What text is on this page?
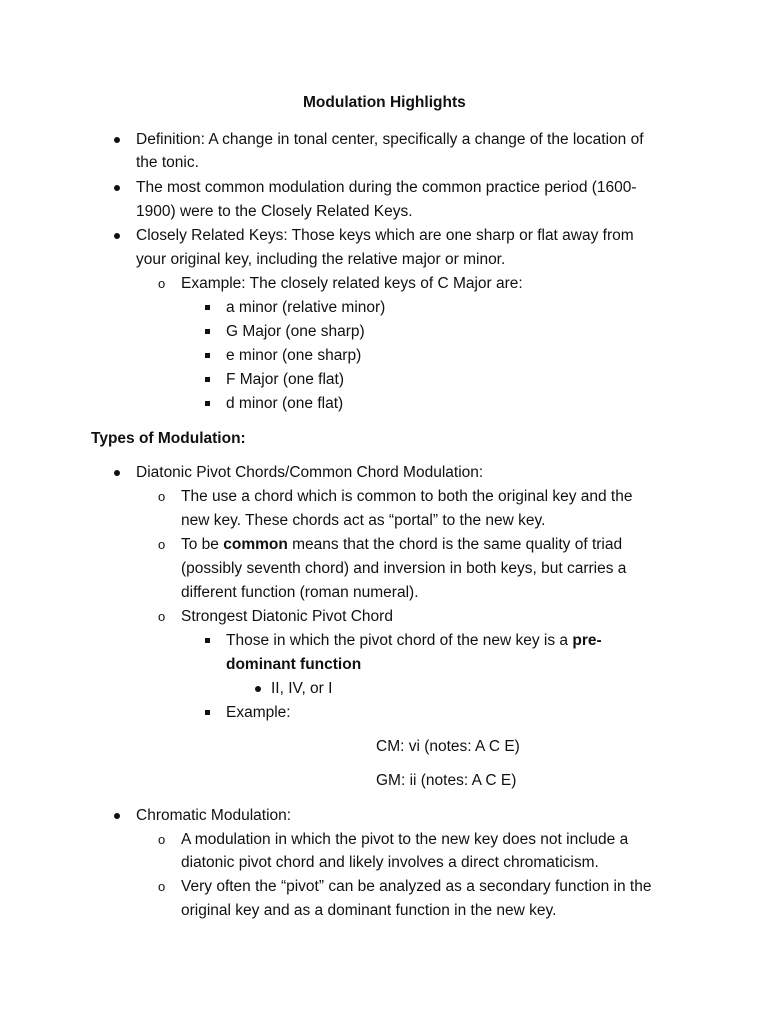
Modulation Highlights
Definition: A change in tonal center, specifically a change of the location of
the tonic.
The most common modulation during the common practice period (1600-
1900) were to the Closely Related Keys.
Closely Related Keys: Those keys which are one sharp or flat away from
your original key, including the relative major or minor.
o Example: The closely related keys of C Major are:
a minor (relative minor)
G Major (one sharp)
e minor (one sharp)
F Major (one flat)
d minor (one flat)
Types of Modulation:
Diatonic Pivot Chords/Common Chord Modulation:
o The use a chord which is common to both the original key and the
new key. These chords act as “portal” to the new key.
o To be common means that the chord is the same quality of triad
(possibly seventh chord) and inversion in both keys, but carries a
different function (roman numeral).
o Strongest Diatonic Pivot Chord
Those in which the pivot chord of the new key is a pre-
dominant function
II, IV, or I
Example:
CM: vi (notes: A C E)
GM: ii (notes: A C E)
Chromatic Modulation:
o A modulation in which the pivot to the new key does not include a
diatonic pivot chord and likely involves a direct chromaticism.
o Very often the “pivot” can be analyzed as a secondary function in the
original key and as a dominant function in the new key.
